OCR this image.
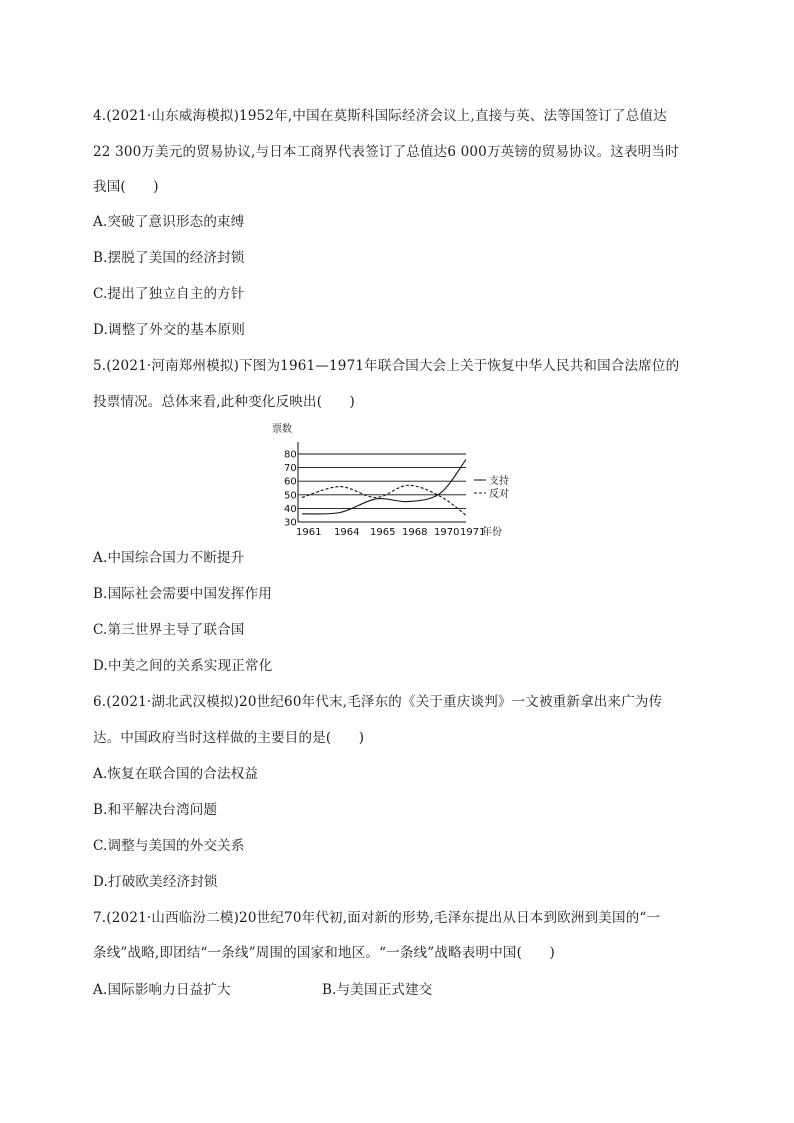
4.(2021·山东威海模拟)1952年,中国在莫斯科国际经济会议上,直接与英、法等国签订了总值达
22 300万美元的贸易协议,与日本工商界代表签订了总值达6 000万英镑的贸易协议。这表明当时
我国(　　)
A.突破了意识形态的束缚
B.摆脱了美国的经济封锁
C.提出了独立自主的方针
D.调整了外交的基本原则
5.(2021·河南郑州模拟)下图为1961—1971年联合国大会上关于恢复中华人民共和国合法席位的
投票情况。总体来看,此种变化反映出(　　)
票数
30
40
50
60
70
80
1961 1964 1965 1968 1970 1971
年份
支持
反对
A.中国综合国力不断提升
B.国际社会需要中国发挥作用
C.第三世界主导了联合国
D.中美之间的关系实现正常化
6.(2021·湖北武汉模拟)20世纪60年代末,毛泽东的《关于重庆谈判》一文被重新拿出来广为传
达。中国政府当时这样做的主要目的是(　　)
A.恢复在联合国的合法权益
B.和平解决台湾问题
C.调整与美国的外交关系
D.打破欧美经济封锁
7.(2021·山西临汾二模)20世纪70年代初,面对新的形势,毛泽东提出从日本到欧洲到美国的“一
条线”战略,即团结“一条线”周围的国家和地区。“一条线”战略表明中国(　　)
A.国际影响力日益扩大	B.与美国正式建交
